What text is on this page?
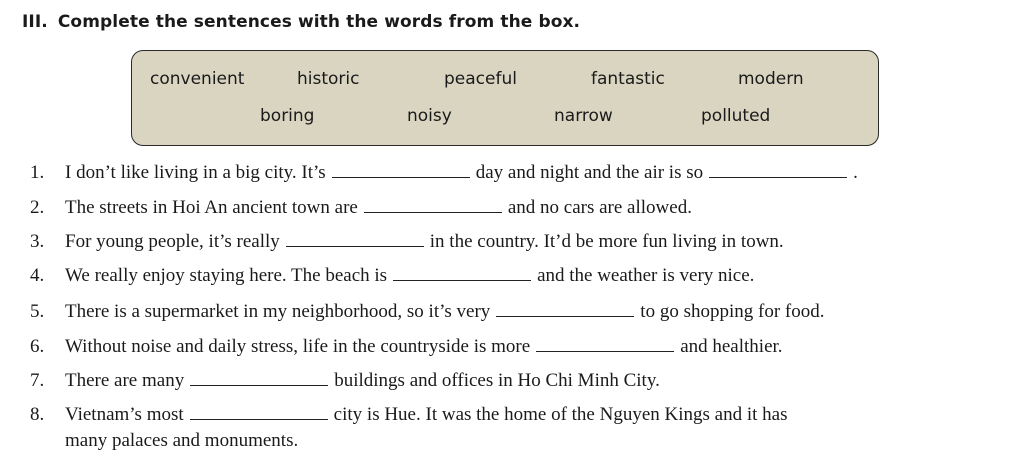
III. Complete the sentences with the words from the box.
convenient	historic	peaceful	fantastic	modern
boring	noisy	narrow	polluted
1. I don’t like living in a big city. It’s	day and night and the air is so	.
2. The streets in Hoi An ancient town are	and no cars are allowed.
3. For young people, it’s really	in the country. It’d be more fun living in town.
4. We really enjoy staying here. The beach is	and the weather is very nice.
5. There is a supermarket in my neighborhood, so it’s very	to go shopping for food.
6. Without noise and daily stress, life in the countryside is more	and healthier.
7. There are many	buildings and offices in Ho Chi Minh City.
8. Vietnam’s most	city is Hue. It was the home of the Nguyen Kings and it has
many palaces and monuments.
